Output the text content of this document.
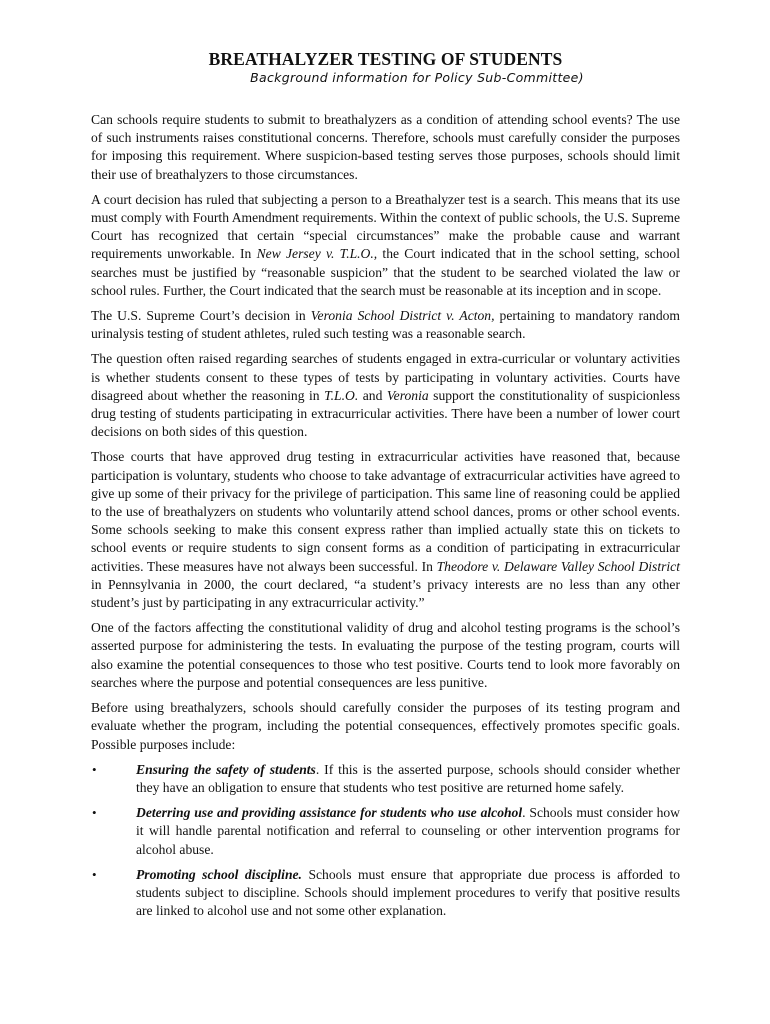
BREATHALYZER TESTING OF STUDENTS
Background information for Policy Sub-Committee)

Can schools require students to submit to breathalyzers as a condition of attending school events? The use of such instruments raises constitutional concerns. Therefore, schools must carefully consider the purposes for imposing this requirement. Where suspicion-based testing serves those purposes, schools should limit their use of breathalyzers to those circumstances.

A court decision has ruled that subjecting a person to a Breathalyzer test is a search. This means that its use must comply with Fourth Amendment requirements. Within the context of public schools, the U.S. Supreme Court has recognized that certain “special circumstances” make the probable cause and warrant requirements unworkable. In New Jersey v. T.L.O., the Court indicated that in the school setting, school searches must be justified by “reasonable suspicion” that the student to be searched violated the law or school rules. Further, the Court indicated that the search must be reasonable at its inception and in scope.

The U.S. Supreme Court’s decision in Veronia School District v. Acton, pertaining to mandatory random urinalysis testing of student athletes, ruled such testing was a reasonable search.

The question often raised regarding searches of students engaged in extra-curricular or voluntary activities is whether students consent to these types of tests by participating in voluntary activities. Courts have disagreed about whether the reasoning in T.L.O. and Veronia support the constitutionality of suspicionless drug testing of students participating in extracurricular activities. There have been a number of lower court decisions on both sides of this question.

Those courts that have approved drug testing in extracurricular activities have reasoned that, because participation is voluntary, students who choose to take advantage of extracurricular activities have agreed to give up some of their privacy for the privilege of participation. This same line of reasoning could be applied to the use of breathalyzers on students who voluntarily attend school dances, proms or other school events. Some schools seeking to make this consent express rather than implied actually state this on tickets to school events or require students to sign consent forms as a condition of participating in extracurricular activities. These measures have not always been successful. In Theodore v. Delaware Valley School District in Pennsylvania in 2000, the court declared, “a student’s privacy interests are no less than any other student’s just by participating in any extracurricular activity.”

One of the factors affecting the constitutional validity of drug and alcohol testing programs is the school’s asserted purpose for administering the tests. In evaluating the purpose of the testing program, courts will also examine the potential consequences to those who test positive. Courts tend to look more favorably on searches where the purpose and potential consequences are less punitive.

Before using breathalyzers, schools should carefully consider the purposes of its testing program and evaluate whether the program, including the potential consequences, effectively promotes specific goals. Possible purposes include:

•	Ensuring the safety of students. If this is the asserted purpose, schools should consider whether they have an obligation to ensure that students who test positive are returned home safely.
•	Deterring use and providing assistance for students who use alcohol. Schools must consider how it will handle parental notification and referral to counseling or other intervention programs for alcohol abuse.
•	Promoting school discipline. Schools must ensure that appropriate due process is afforded to students subject to discipline. Schools should implement procedures to verify that positive results are linked to alcohol use and not some other explanation.
